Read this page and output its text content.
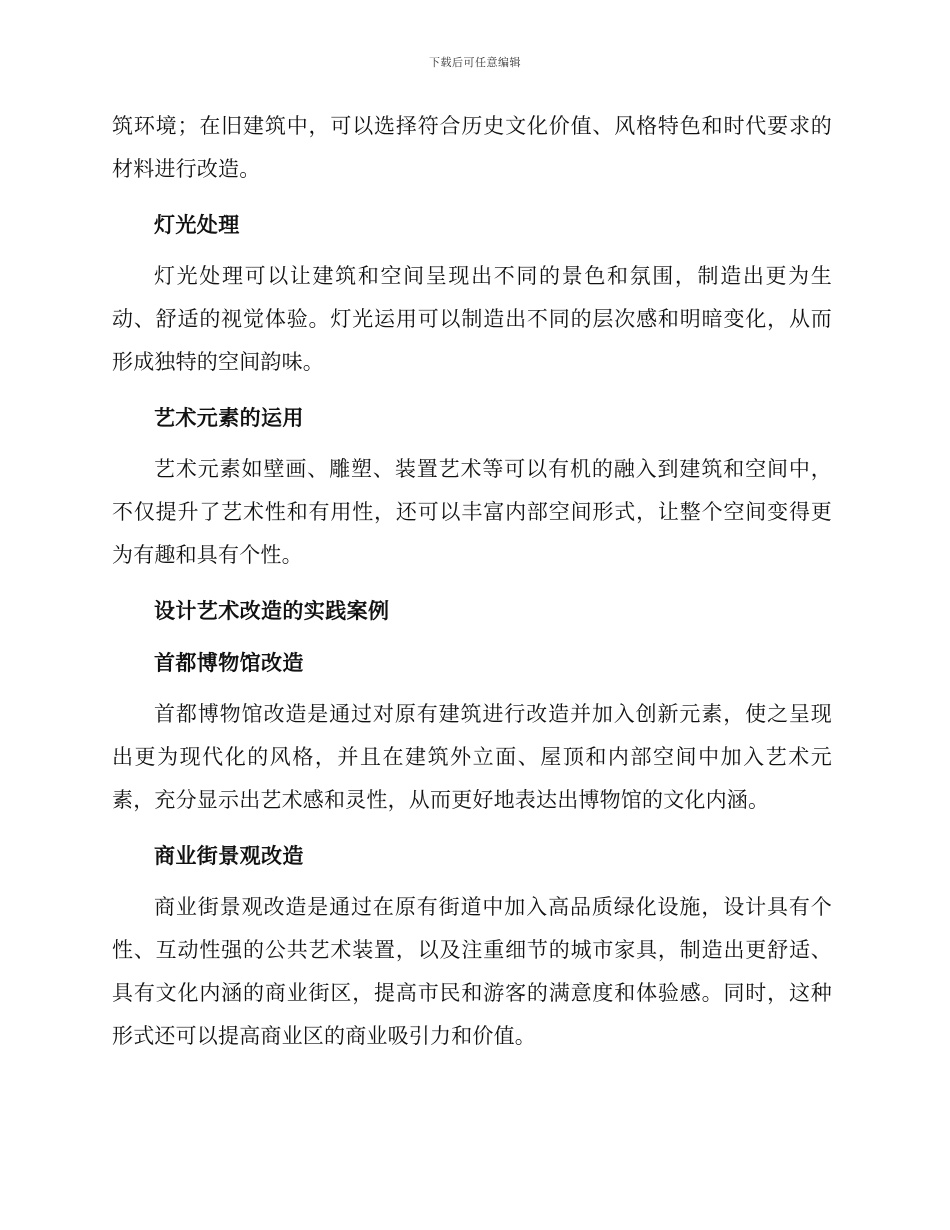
下载后可任意编辑

筑环境；在旧建筑中，可以选择符合历史文化价值、风格特色和时代要求的材料进行改造。

灯光处理

灯光处理可以让建筑和空间呈现出不同的景色和氛围，制造出更为生动、舒适的视觉体验。灯光运用可以制造出不同的层次感和明暗变化，从而形成独特的空间韵味。

艺术元素的运用

艺术元素如壁画、雕塑、装置艺术等可以有机的融入到建筑和空间中，不仅提升了艺术性和有用性，还可以丰富内部空间形式，让整个空间变得更为有趣和具有个性。

设计艺术改造的实践案例
首都博物馆改造

首都博物馆改造是通过对原有建筑进行改造并加入创新元素，使之呈现出更为现代化的风格，并且在建筑外立面、屋顶和内部空间中加入艺术元素，充分显示出艺术感和灵性，从而更好地表达出博物馆的文化内涵。

商业街景观改造

商业街景观改造是通过在原有街道中加入高品质绿化设施，设计具有个性、互动性强的公共艺术装置，以及注重细节的城市家具，制造出更舒适、具有文化内涵的商业街区，提高市民和游客的满意度和体验感。同时，这种形式还可以提高商业区的商业吸引力和价值。
